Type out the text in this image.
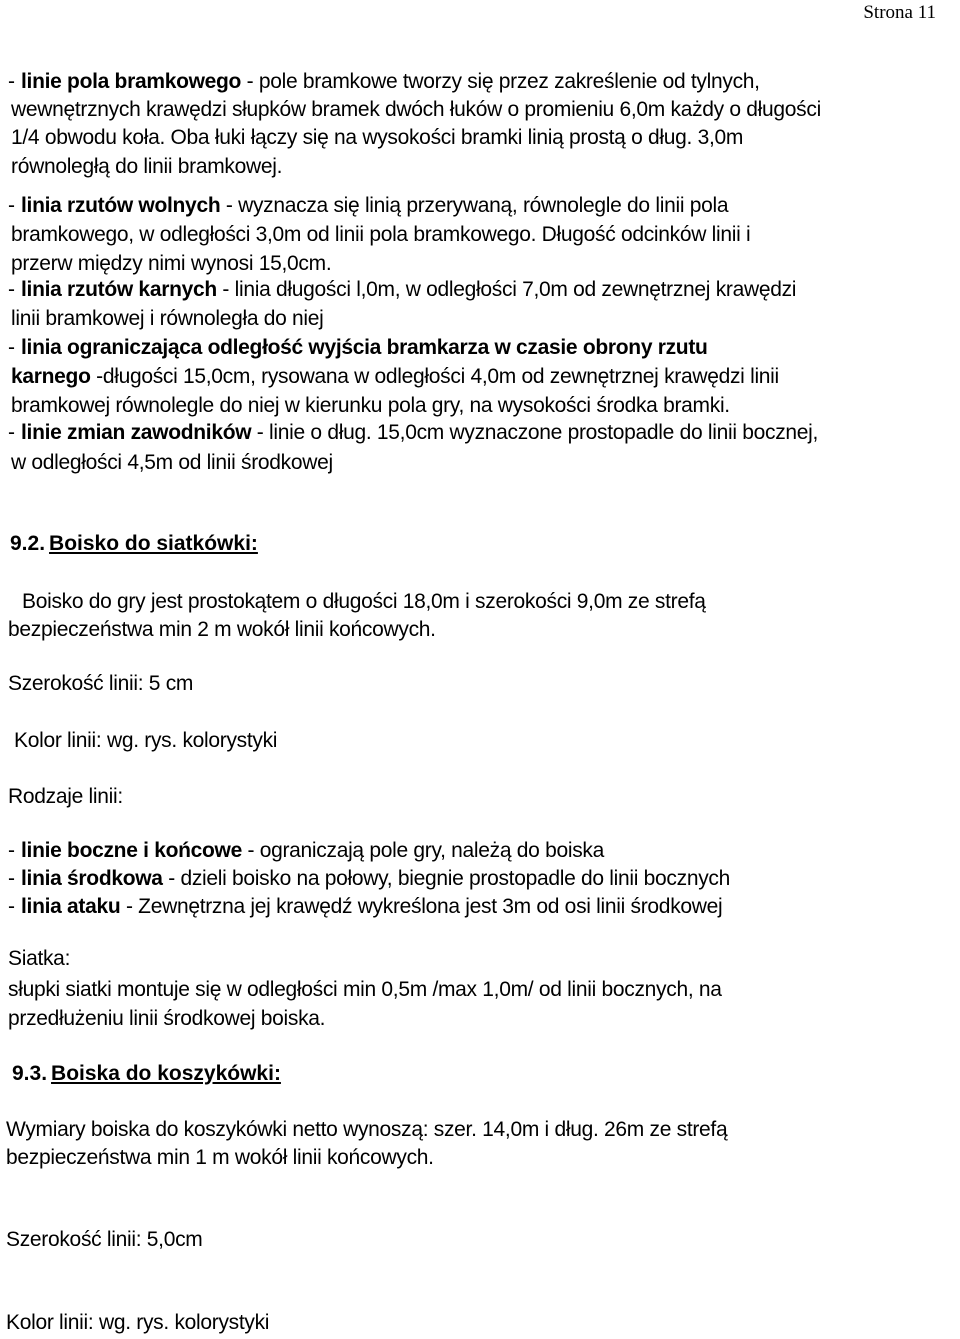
Strona 11
- linie pola bramkowego - pole bramkowe tworzy się przez zakreślenie od tylnych,
wewnętrznych krawędzi słupków bramek dwóch łuków o promieniu 6,0m każdy o długości
1/4 obwodu koła. Oba łuki łączy się na wysokości bramki linią prostą o dług. 3,0m
równoległą do linii bramkowej.
- linia rzutów wolnych - wyznacza się linią przerywaną, równolegle do linii pola
bramkowego, w odległości 3,0m od linii pola bramkowego. Długość odcinków linii i
przerw między nimi wynosi 15,0cm.
- linia rzutów karnych - linia długości l,0m, w odległości 7,0m od zewnętrznej krawędzi
linii bramkowej i równoległa do niej
- linia ograniczająca odległość wyjścia bramkarza w czasie obrony rzutu
karnego -długości 15,0cm, rysowana w odległości 4,0m od zewnętrznej krawędzi linii
bramkowej równolegle do niej w kierunku pola gry, na wysokości środka bramki.
- linie zmian zawodników - linie o dług. 15,0cm wyznaczone prostopadle do linii bocznej,
w odległości 4,5m od linii środkowej
9.2. Boisko do siatkówki:
Boisko do gry jest prostokątem o długości 18,0m i szerokości 9,0m ze strefą
bezpieczeństwa min 2 m wokół linii końcowych.
Szerokość linii: 5 cm
Kolor linii: wg. rys. kolorystyki
Rodzaje linii:
- linie boczne i końcowe - ograniczają pole gry, należą do boiska
- linia środkowa - dzieli boisko na połowy, biegnie prostopadle do linii bocznych
- linia ataku - Zewnętrzna jej krawędź wykreślona jest 3m od osi linii środkowej
Siatka:
słupki siatki montuje się w odległości min 0,5m /max 1,0m/ od linii bocznych, na
przedłużeniu linii środkowej boiska.
9.3. Boiska do koszykówki:
Wymiary boiska do koszykówki netto wynoszą: szer. 14,0m i dług. 26m ze strefą
bezpieczeństwa min 1 m wokół linii końcowych.
Szerokość linii: 5,0cm
Kolor linii: wg. rys. kolorystyki
